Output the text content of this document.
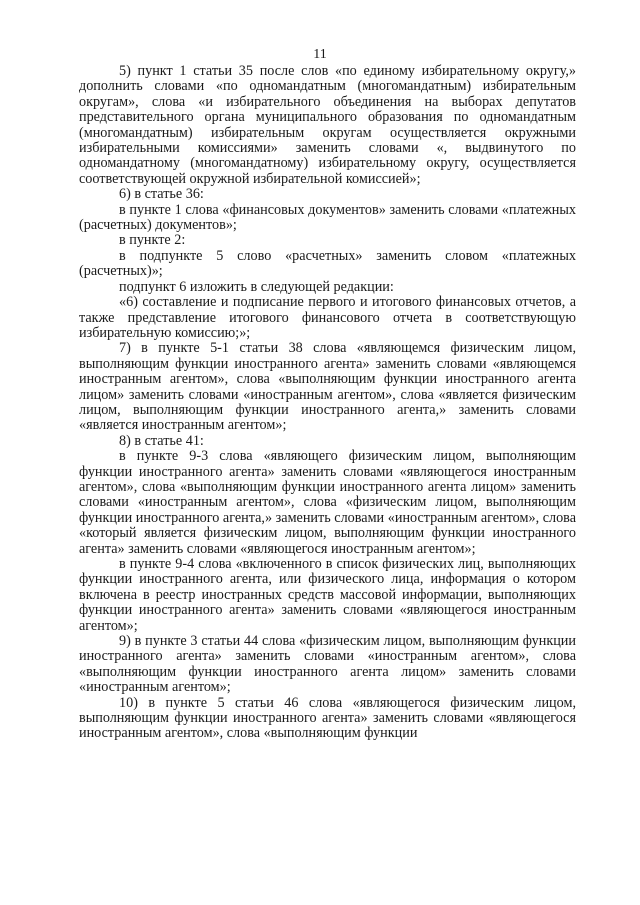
11

5) пункт 1 статьи 35 после слов «по единому избирательному округу,» дополнить словами «по одномандатным (многомандатным) избирательным округам», слова «и избирательного объединения на выборах депутатов представительного органа муниципального образования по одномандатным (многомандатным) избирательным округам осуществляется окружными избирательными комиссиями» заменить словами «, выдвинутого по одномандатному (многомандатному) избирательному округу, осуществляется соответствующей окружной избирательной комиссией»;

6) в статье 36:

в пункте 1 слова «финансовых документов» заменить словами «платежных (расчетных) документов»;

в пункте 2:

в подпункте 5 слово «расчетных» заменить словом «платежных (расчетных)»;

подпункт 6 изложить в следующей редакции:

«6) составление и подписание первого и итогового финансовых отчетов, а также представление итогового финансового отчета в соответствующую избирательную комиссию;»;

7) в пункте 5-1 статьи 38 слова «являющемся физическим лицом, выполняющим функции иностранного агента» заменить словами «являющемся иностранным агентом», слова «выполняющим функции иностранного агента лицом» заменить словами «иностранным агентом», слова «является физическим лицом, выполняющим функции иностранного агента,» заменить словами «является иностранным агентом»;

8) в статье 41:

в пункте 9-3 слова «являющего физическим лицом, выполняющим функции иностранного агента» заменить словами «являющегося иностранным агентом», слова «выполняющим функции иностранного агента лицом» заменить словами «иностранным агентом», слова «физическим лицом, выполняющим функции иностранного агента,» заменить словами «иностранным агентом», слова «который является физическим лицом, выполняющим функции иностранного агента» заменить словами «являющегося иностранным агентом»;

в пункте 9-4 слова «включенного в список физических лиц, выполняющих функции иностранного агента, или физического лица, информация о котором включена в реестр иностранных средств массовой информации, выполняющих функции иностранного агента» заменить словами «являющегося иностранным агентом»;

9) в пункте 3 статьи 44 слова «физическим лицом, выполняющим функции иностранного агента» заменить словами «иностранным агентом», слова «выполняющим функции иностранного агента лицом» заменить словами «иностранным агентом»;

10) в пункте 5 статьи 46 слова «являющегося физическим лицом, выполняющим функции иностранного агента» заменить словами «являющегося иностранным агентом», слова «выполняющим функции
